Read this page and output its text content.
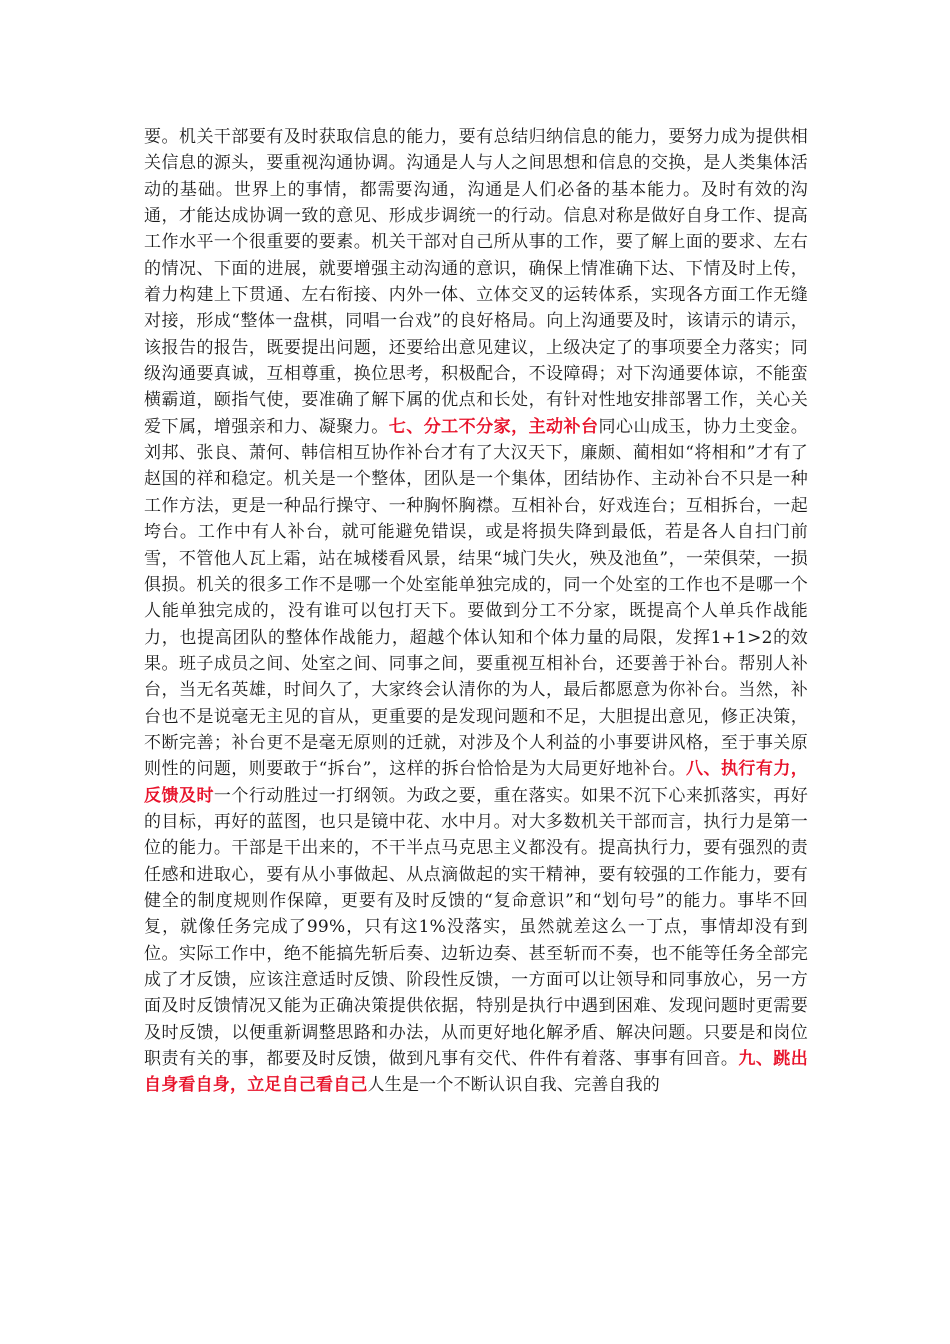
要。机关干部要有及时获取信息的能力，要有总结归纳信息的能力，要努力成为提供相关信息的源头，要重视沟通协调。沟通是人与人之间思想和信息的交换，是人类集体活动的基础。世界上的事情，都需要沟通，沟通是人们必备的基本能力。及时有效的沟通，才能达成协调一致的意见、形成步调统一的行动。信息对称是做好自身工作、提高工作水平一个很重要的要素。机关干部对自己所从事的工作，要了解上面的要求、左右的情况、下面的进展，就要增强主动沟通的意识，确保上情准确下达、下情及时上传，着力构建上下贯通、左右衔接、内外一体、立体交叉的运转体系，实现各方面工作无缝对接，形成“整体一盘棋，同唱一台戏”的良好格局。向上沟通要及时，该请示的请示，该报告的报告，既要提出问题，还要给出意见建议，上级决定了的事项要全力落实；同级沟通要真诚，互相尊重，换位思考，积极配合，不设障碍；对下沟通要体谅，不能蛮横霸道，颐指气使，要准确了解下属的优点和长处，有针对性地安排部署工作，关心关爱下属，增强亲和力、凝聚力。七、分工不分家，主动补台同心山成玉，协力土变金。刘邦、张良、萧何、韩信相互协作补台才有了大汉天下，廉颇、蔺相如“将相和”才有了赵国的祥和稳定。机关是一个整体，团队是一个集体，团结协作、主动补台不只是一种工作方法，更是一种品行操守、一种胸怀胸襟。互相补台，好戏连台；互相拆台，一起垮台。工作中有人补台，就可能避免错误，或是将损失降到最低，若是各人自扫门前雪，不管他人瓦上霜，站在城楼看风景，结果“城门失火，殃及池鱼”，一荣俱荣，一损俱损。机关的很多工作不是哪一个处室能单独完成的，同一个处室的工作也不是哪一个人能单独完成的，没有谁可以包打天下。要做到分工不分家，既提高个人单兵作战能力，也提高团队的整体作战能力，超越个体认知和个体力量的局限，发挥1+1>2的效果。班子成员之间、处室之间、同事之间，要重视互相补台，还要善于补台。帮别人补台，当无名英雄，时间久了，大家终会认清你的为人，最后都愿意为你补台。当然，补台也不是说毫无主见的盲从，更重要的是发现问题和不足，大胆提出意见，修正决策，不断完善；补台更不是毫无原则的迁就，对涉及个人利益的小事要讲风格，至于事关原则性的问题，则要敢于“拆台”，这样的拆台恰恰是为大局更好地补台。八、执行有力，反馈及时一个行动胜过一打纲领。为政之要，重在落实。如果不沉下心来抓落实，再好的目标，再好的蓝图，也只是镜中花、水中月。对大多数机关干部而言，执行力是第一位的能力。干部是干出来的，不干半点马克思主义都没有。提高执行力，要有强烈的责任感和进取心，要有从小事做起、从点滴做起的实干精神，要有较强的工作能力，要有健全的制度规则作保障，更要有及时反馈的“复命意识”和“划句号”的能力。事毕不回复，就像任务完成了99%，只有这1%没落实，虽然就差这么一丁点，事情却没有到位。实际工作中，绝不能搞先斩后奏、边斩边奏、甚至斩而不奏，也不能等任务全部完成了才反馈，应该注意适时反馈、阶段性反馈，一方面可以让领导和同事放心，另一方面及时反馈情况又能为正确决策提供依据，特别是执行中遇到困难、发现问题时更需要及时反馈，以便重新调整思路和办法，从而更好地化解矛盾、解决问题。只要是和岗位职责有关的事，都要及时反馈，做到凡事有交代、件件有着落、事事有回音。九、跳出自身看自身，立足自己看自己人生是一个不断认识自我、完善自我的
